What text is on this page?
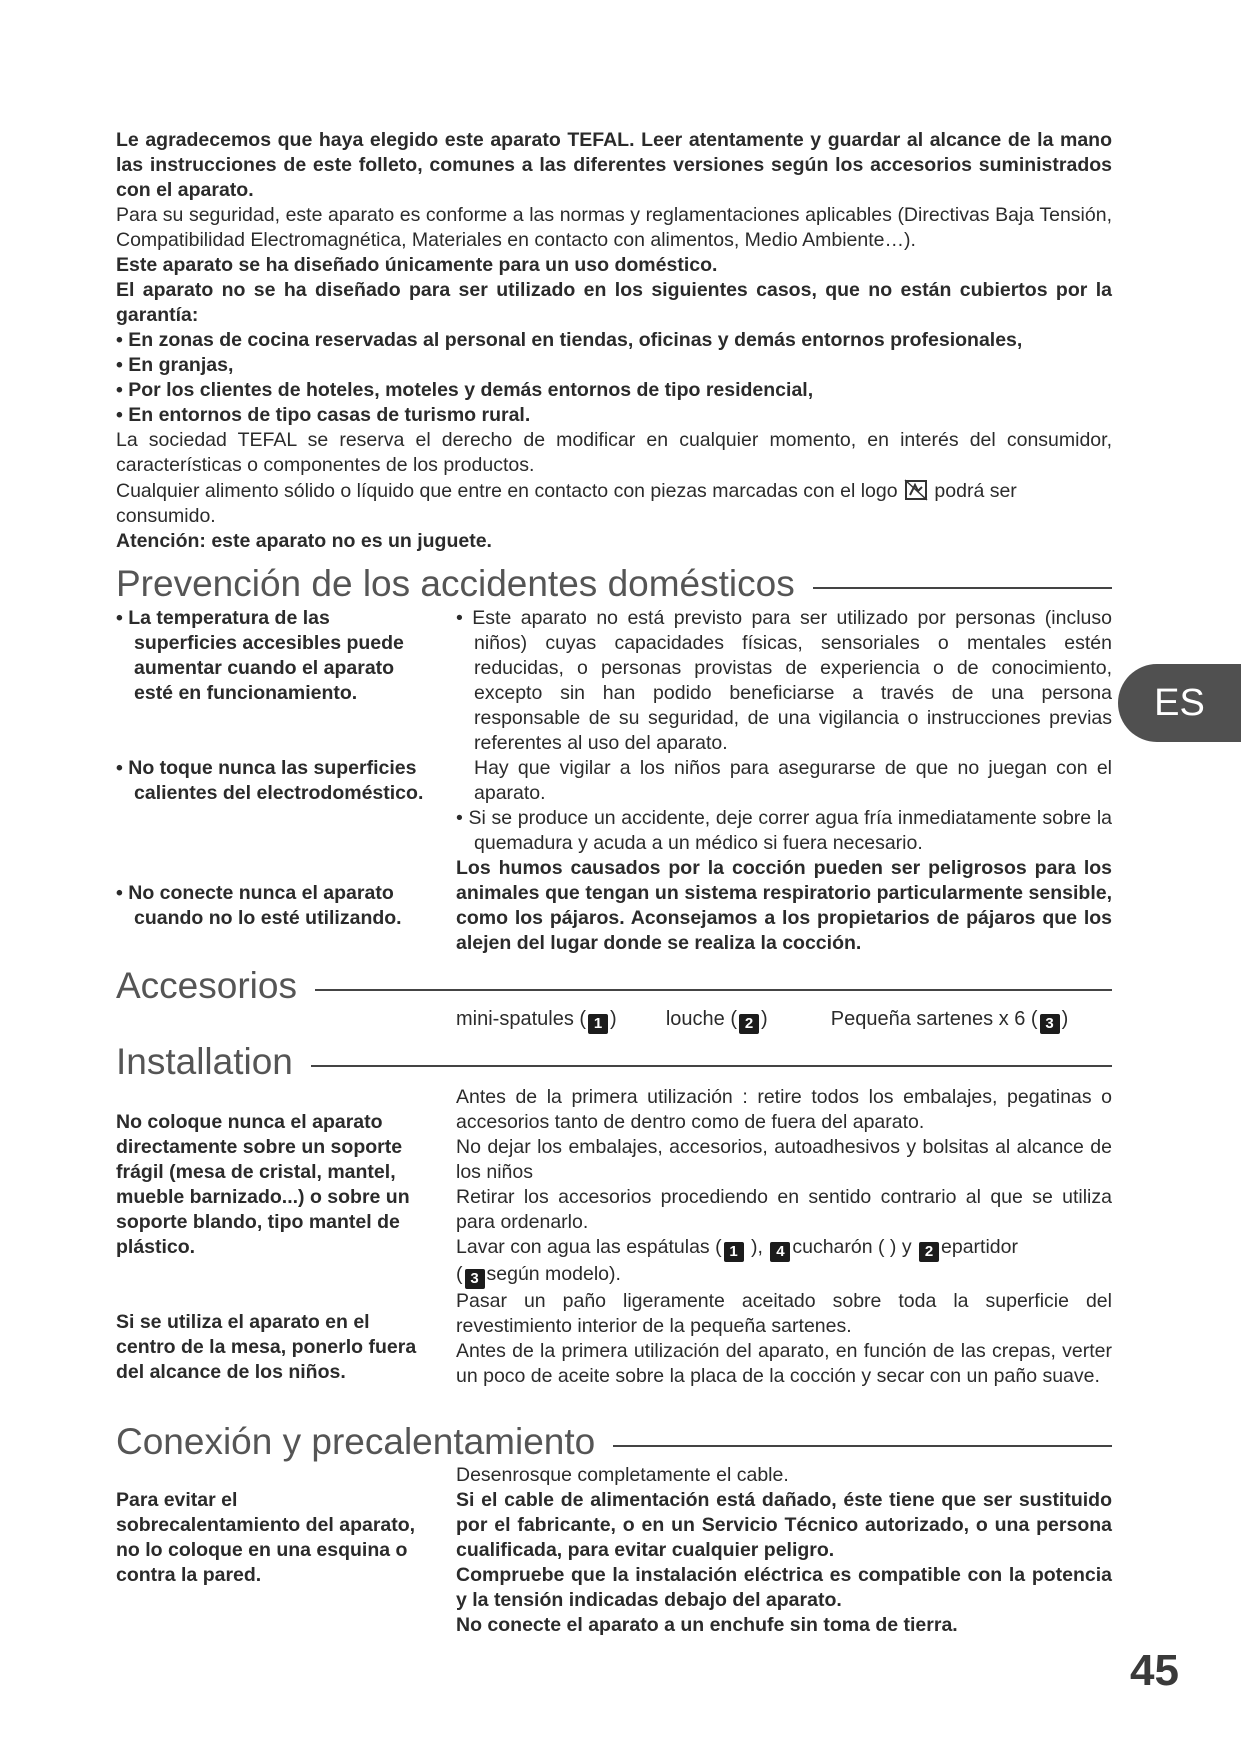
Le agradecemos que haya elegido este aparato TEFAL. Leer atentamente y guardar al alcance de la mano las instrucciones de este folleto, comunes a las diferentes versiones según los accesorios suministrados con el aparato.
Para su seguridad, este aparato es conforme a las normas y reglamentaciones aplicables (Directivas Baja Tensión, Compatibilidad Electromagnética, Materiales en contacto con alimentos, Medio Ambiente…).
Este aparato se ha diseñado únicamente para un uso doméstico.
El aparato no se ha diseñado para ser utilizado en los siguientes casos, que no están cubiertos por la garantía:
• En zonas de cocina reservadas al personal en tiendas, oficinas y demás entornos profesionales,
• En granjas,
• Por los clientes de hoteles, moteles y demás entornos de tipo residencial,
• En entornos de tipo casas de turismo rural.
La sociedad TEFAL se reserva el derecho de modificar en cualquier momento, en interés del consumidor, características o componentes de los productos.
Cualquier alimento sólido o líquido que entre en contacto con piezas marcadas con el logo podrá ser consumido.
Atención: este aparato no es un juguete.
Prevención de los accidentes domésticos
• La temperatura de las superficies accesibles puede aumentar cuando el aparato esté en funcionamiento.
• No toque nunca las superficies calientes del electrodoméstico.
• No conecte nunca el aparato cuando no lo esté utilizando.
• Este aparato no está previsto para ser utilizado por personas (incluso niños) cuyas capacidades físicas, sensoriales o mentales estén reducidas, o personas provistas de experiencia o de conocimiento, excepto sin han podido beneficiarse a través de una persona responsable de su seguridad, de una vigilancia o instrucciones previas referentes al uso del aparato.
Hay que vigilar a los niños para asegurarse de que no juegan con el aparato.
• Si se produce un accidente, deje correr agua fría inmediatamente sobre la quemadura y acuda a un médico si fuera necesario.
Los humos causados por la cocción pueden ser peligrosos para los animales que tengan un sistema respiratorio particularmente sensible, como los pájaros. Aconsejamos a los propietarios de pájaros que los alejen del lugar donde se realiza la cocción.
Accesorios
mini-spatules ( 1 ) louche ( 2 )	Pequeña sartenes x 6 ( 3 )
Installation
No coloque nunca el aparato directamente sobre un soporte frágil (mesa de cristal, mantel, mueble barnizado...) o sobre un soporte blando, tipo mantel de plástico.
Si se utiliza el aparato en el centro de la mesa, ponerlo fuera del alcance de los niños.
Antes de la primera utilización : retire todos los embalajes, pegatinas o accesorios tanto de dentro como de fuera del aparato.
No dejar los embalajes, accesorios, autoadhesivos y bolsitas al alcance de los niños
Retirar los accesorios procediendo en sentido contrario al que se utiliza para ordenarlo.
Lavar con agua las espátulas ( 1 ), 4 cucharón ( ) y 2 epartidor
( 3 según modelo).
Pasar un paño ligeramente aceitado sobre toda la superficie del revestimiento interior de la pequeña sartenes.
Antes de la primera utilización del aparato, en función de las crepas, verter un poco de aceite sobre la placa de la cocción y secar con un paño suave.
Conexión y precalentamiento
Para evitar el sobrecalentamiento del aparato, no lo coloque en una esquina o contra la pared.
Desenrosque completamente el cable.
Si el cable de alimentación está dañado, éste tiene que ser sustituido por el fabricante, o en un Servicio Técnico autorizado, o una persona cualificada, para evitar cualquier peligro.
Compruebe que la instalación eléctrica es compatible con la potencia y la tensión indicadas debajo del aparato.
No conecte el aparato a un enchufe sin toma de tierra.
ES
45
